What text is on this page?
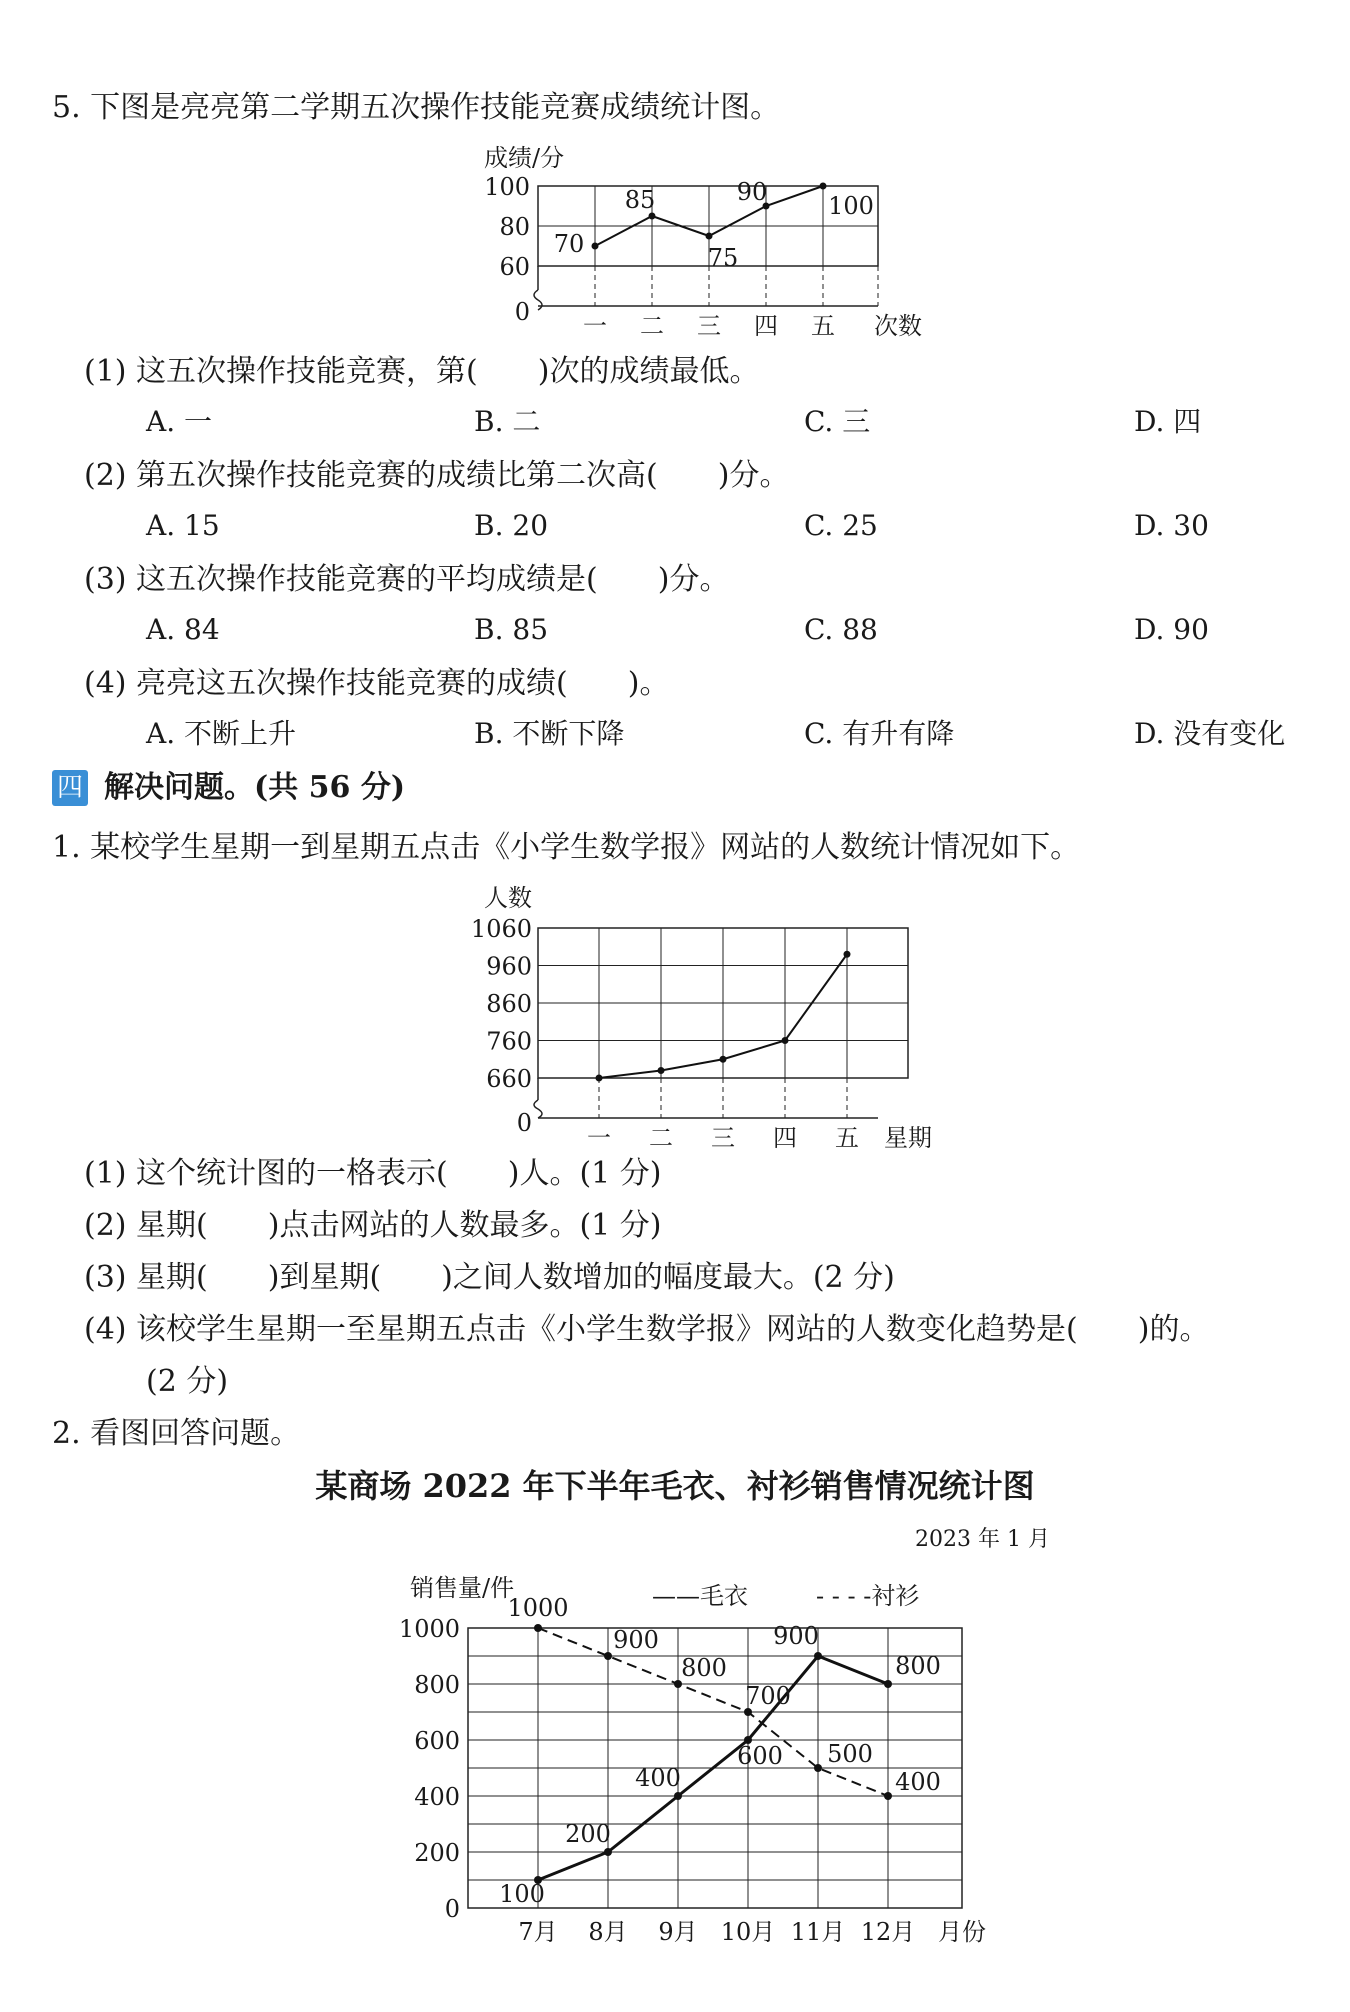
5. 下图是亮亮第二学期五次操作技能竞赛成绩统计图。
0
60
80
100
成绩/分
一 二 三 四 五 次数
70
85
75
90	100
0
660
760
860
960
1060
人数
一 二 三 四 五 星期
2023 年 1 月
销售量/件	——毛衣	- - - -衬衫
0
200
400
600
800
1000
7月 8月 9月 10月 11月 12月 月份
100
200
400
600
900
800
1000
900
800
700
500
400
(1) 这五次操作技能竞赛，第(　　)次的成绩最低。
A. 一	B. 二	C. 三	D. 四
(2) 第五次操作技能竞赛的成绩比第二次高(　　)分。
A. 15	B. 20	C. 25	D. 30
(3) 这五次操作技能竞赛的平均成绩是(　　)分。
A. 84	B. 85	C. 88	D. 90
(4) 亮亮这五次操作技能竞赛的成绩(　　)。
A. 不断上升	B. 不断下降	C. 有升有降	D. 没有变化
四 解决问题。(共 56 分)
1. 某校学生星期一到星期五点击《小学生数学报》网站的人数统计情况如下。
(1) 这个统计图的一格表示(　　)人。(1 分)
(2) 星期(　　)点击网站的人数最多。(1 分)
(3) 星期(　　)到星期(　　)之间人数增加的幅度最大。(2 分)
(4) 该校学生星期一至星期五点击《小学生数学报》网站的人数变化趋势是(　　)的。
(2 分)
2. 看图回答问题。
某商场 2022 年下半年毛衣、衬衫销售情况统计图
